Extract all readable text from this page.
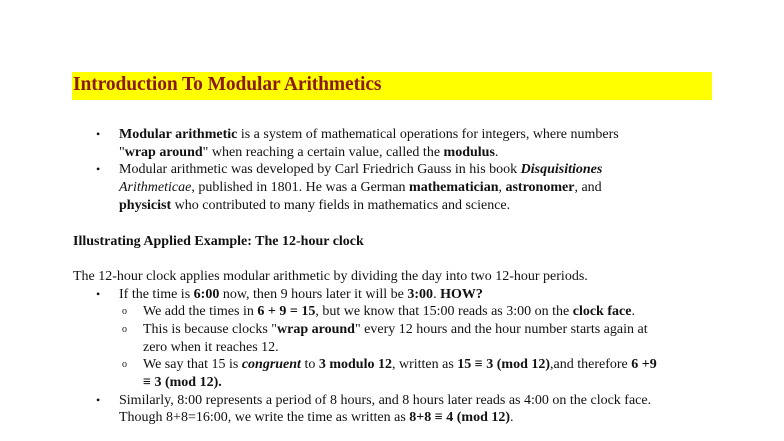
Introduction To Modular Arithmetics
• Modular arithmetic is a system of mathematical operations for integers, where numbers
"wrap around" when reaching a certain value, called the modulus.
• Modular arithmetic was developed by Carl Friedrich Gauss in his book Disquisitiones
Arithmeticae, published in 1801. He was a German mathematician, astronomer, and
physicist who contributed to many fields in mathematics and science.
Illustrating Applied Example: The 12-hour clock
The 12-hour clock applies modular arithmetic by dividing the day into two 12-hour periods.
• If the time is 6:00 now, then 9 hours later it will be 3:00. HOW?
o We add the times in 6 + 9 = 15, but we know that 15:00 reads as 3:00 on the clock face.
o This is because clocks "wrap around" every 12 hours and the hour number starts again at
zero when it reaches 12.
o We say that 15 is congruent to 3 modulo 12, written as 15 ≡ 3 (mod 12),and therefore 6 +9
≡ 3 (mod 12).
• Similarly, 8:00 represents a period of 8 hours, and 8 hours later reads as 4:00 on the clock face.
Though 8+8=16:00, we write the time as written as 8+8 ≡ 4 (mod 12).
